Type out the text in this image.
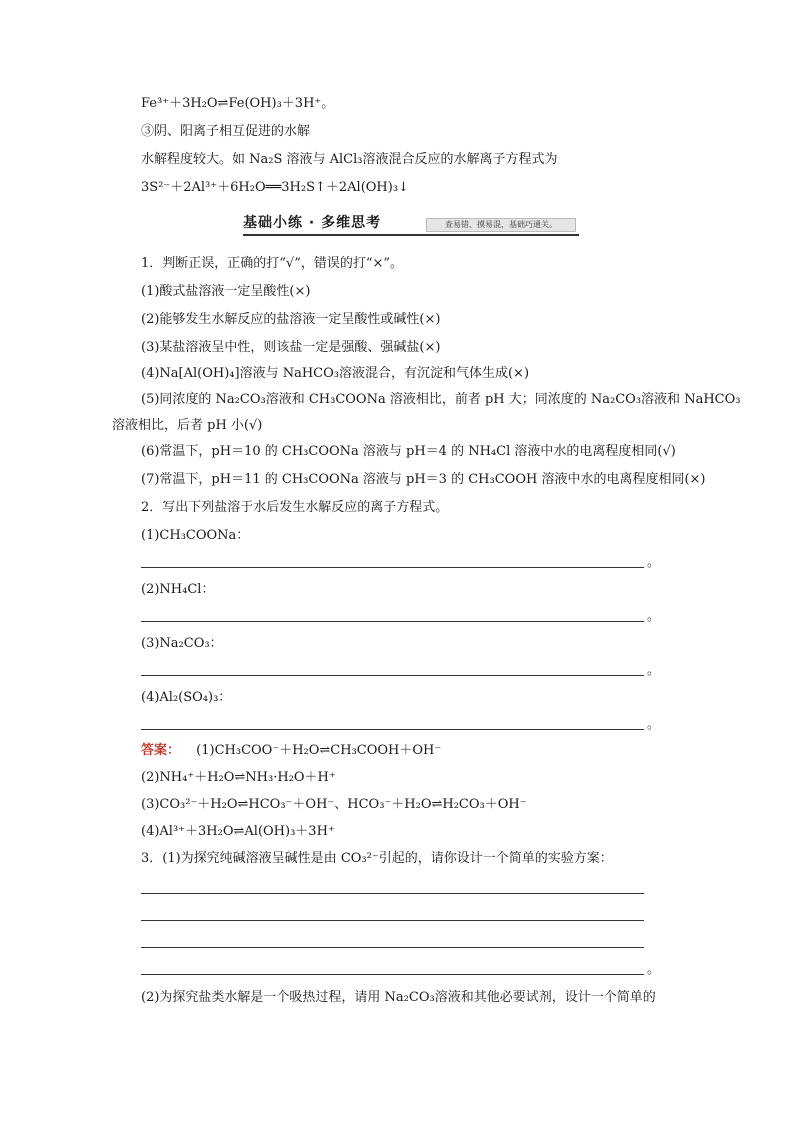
Fe³⁺＋3H₂O⇌Fe(OH)₃＋3H⁺。
③阴、阳离子相互促进的水解
水解程度较大。如 Na₂S 溶液与 AlCl₃溶液混合反应的水解离子方程式为
3S²⁻＋2Al³⁺＋6H₂O══3H₂S↑＋2Al(OH)₃↓
基础小练 · 多维思考	查易错、摸易混，基础巧通关。
1．判断正误，正确的打“√”，错误的打“×”。
(1)酸式盐溶液一定呈酸性(×)
(2)能够发生水解反应的盐溶液一定呈酸性或碱性(×)
(3)某盐溶液呈中性，则该盐一定是强酸、强碱盐(×)
(4)Na[Al(OH)₄]溶液与 NaHCO₃溶液混合，有沉淀和气体生成(×)
(5)同浓度的 Na₂CO₃溶液和 CH₃COONa 溶液相比，前者 pH 大；同浓度的 Na₂CO₃溶液和 NaHCO₃
溶液相比，后者 pH 小(√)
(6)常温下，pH＝10 的 CH₃COONa 溶液与 pH＝4 的 NH₄Cl 溶液中水的电离程度相同(√)
(7)常温下，pH＝11 的 CH₃COONa 溶液与 pH＝3 的 CH₃COOH 溶液中水的电离程度相同(×)
2．写出下列盐溶于水后发生水解反应的离子方程式。
(1)CH₃COONa：
。
(2)NH₄Cl：
。
(3)Na₂CO₃：
。
(4)Al₂(SO₄)₃：
。
答案： (1)CH₃COO⁻＋H₂O⇌CH₃COOH＋OH⁻
(2)NH₄⁺＋H₂O⇌NH₃·H₂O＋H⁺
(3)CO₃²⁻＋H₂O⇌HCO₃⁻＋OH⁻、HCO₃⁻＋H₂O⇌H₂CO₃＋OH⁻
(4)Al³⁺＋3H₂O⇌Al(OH)₃＋3H⁺
3．(1)为探究纯碱溶液呈碱性是由 CO₃²⁻引起的，请你设计一个简单的实验方案：
。
(2)为探究盐类水解是一个吸热过程，请用 Na₂CO₃溶液和其他必要试剂，设计一个简单的
